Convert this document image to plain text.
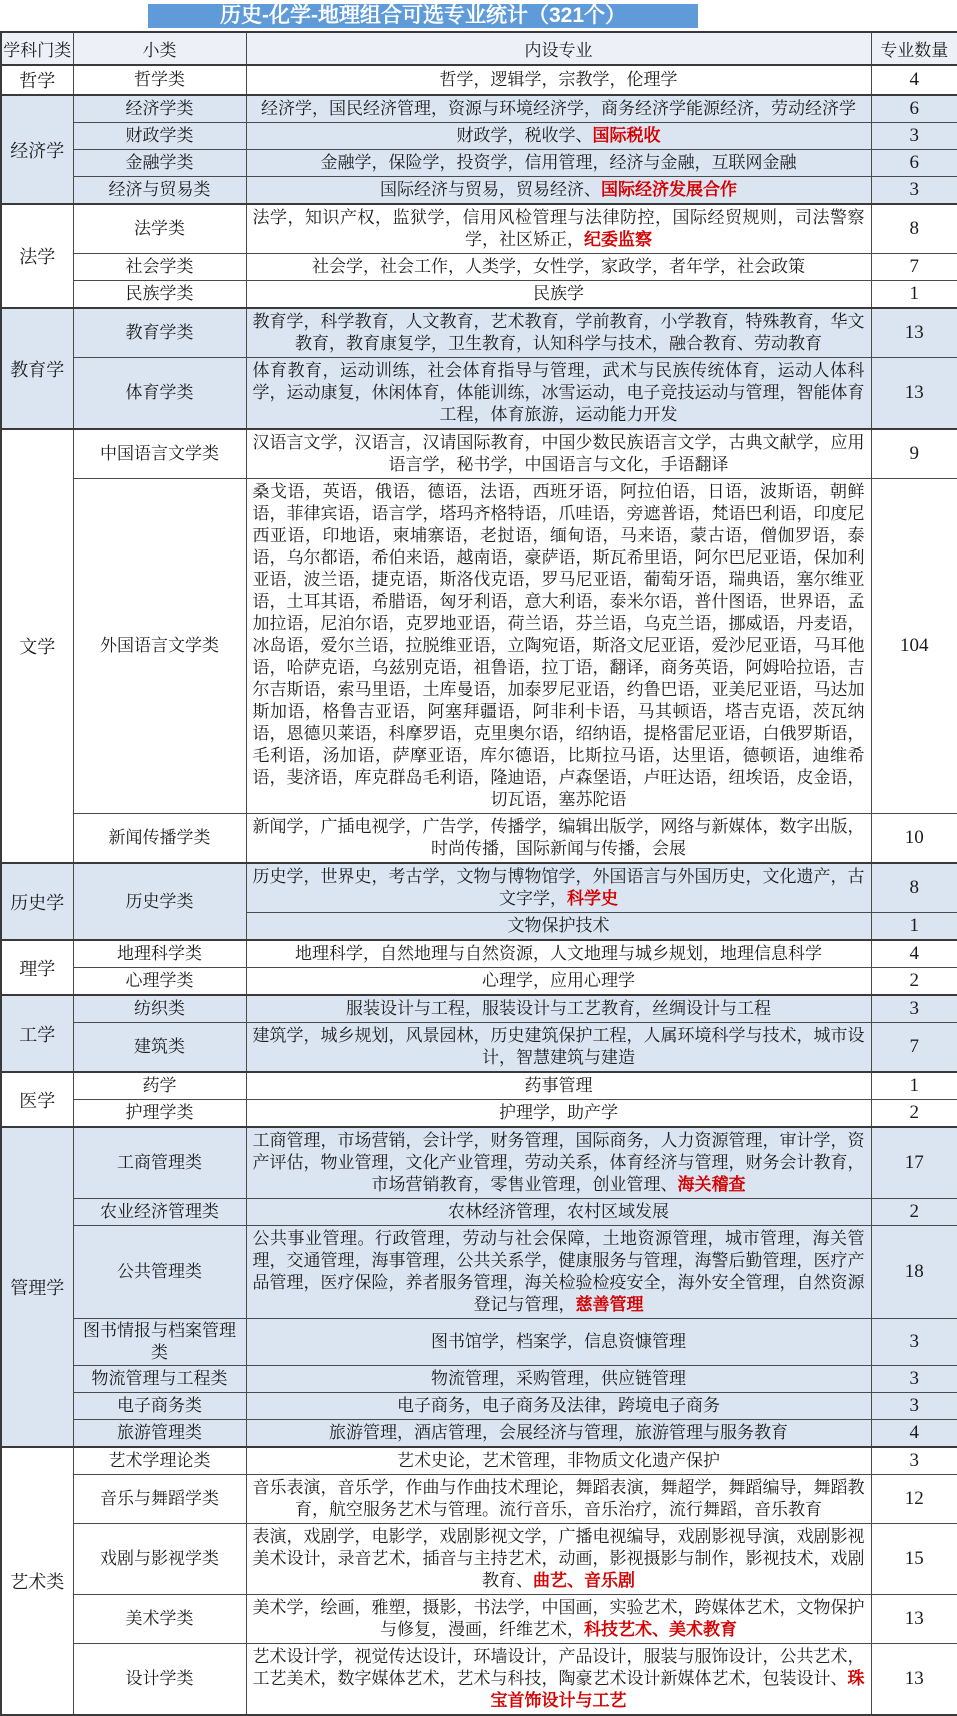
历史-化学-地理组合可选专业统计（321个）
学科门类	小类	内设专业	专业数量
哲学	哲学类	哲学，逻辑学，宗教学，伦理学	4
经济学	经济学类	经济学，国民经济管理，资源与环境经济学，商务经济学能源经济，劳动经济学	6
	财政学类	财政学，税收学、国际税收	3
	金融学类	金融学，保险学，投资学，信用管理，经济与金融，互联网金融	6
	经济与贸易类	国际经济与贸易，贸易经济、国际经济发展合作	3
法学	法学类	法学，知识产权，监狱学，信用风检管理与法律防控，国际经贸规则，司法警察学，社区矫正，纪委监察	8
	社会学类	社会学，社会工作，人类学，女性学，家政学，者年学，社会政策	7
	民族学类	民族学	1
教育学	教育学类	教育学，科学教育，人文教育，艺术教育，学前教育，小学教育，特殊教育，华文教育，教育康复学，卫生教育，认知科学与技术，融合教育、劳动教育	13
	体育学类	体育教育，运动训练，社会体育指导与管理，武术与民族传统体育，运动人体科学，运动康复，休闲体育，体能训练，冰雪运动，电子竞技运动与管理，智能体育工程，体育旅游，运动能力开发	13
文学	中国语言文学类	汉语言文学，汉语言，汉请国际教育，中国少数民族语言文学，古典文献学，应用语言学，秘书学，中国语言与文化，手语翻译	9
	外国语言文学类	桑戈语，英语，俄语，德语，法语，西班牙语，阿拉伯语，日语，波斯语，朝鲜语，菲律宾语，语言学，塔玛齐格特语，爪哇语，旁遮普语，梵语巴利语，印度尼西亚语，印地语，柬埔寨语，老挝语，缅甸语，马来语，蒙古语，僧伽罗语，泰语，乌尔都语，希伯来语，越南语，豪萨语，斯瓦希里语，阿尔巴尼亚语，保加利亚语，波兰语，捷克语，斯洛伐克语，罗马尼亚语，葡萄牙语，瑞典语，塞尔维亚语，土耳其语，希腊语，匈牙利语，意大利语，泰米尔语，普什图语，世界语，孟加拉语，尼泊尔语，克罗地亚语，荷兰语，芬兰语，乌克兰语，挪威语，丹麦语，冰岛语，爱尔兰语，拉脱维亚语，立陶宛语，斯洛文尼亚语，爱沙尼亚语，马耳他语，哈萨克语，乌兹别克语，祖鲁语，拉丁语，翻译，商务英语，阿姆哈拉语，吉尔吉斯语，索马里语，土库曼语，加泰罗尼亚语，约鲁巴语，亚美尼亚语，马达加斯加语，格鲁吉亚语，阿塞拜疆语，阿非利卡语，马其顿语，塔吉克语，茨瓦纳语，恩德贝莱语，科摩罗语，克里奥尔语，绍纳语，提格雷尼亚语，白俄罗斯语，毛利语，汤加语，萨摩亚语，库尔德语，比斯拉马语，达里语，德顿语，迪维希语，斐济语，库克群岛毛利语，隆迪语，卢森堡语，卢旺达语，纽埃语，皮金语，切瓦语，塞苏陀语	104
	新闻传播学类	新闻学，广插电视学，广告学，传播学，编辑出版学，网络与新媒体，数字出版，时尚传播，国际新闻与传播，会展	10
历史学	历史学类	历史学，世界史，考古学，文物与博物馆学，外国语言与外国历史，文化遗产，古文字学，科学史	8
		文物保护技术	1
理学	地理科学类	地理科学，自然地理与自然资源，人文地理与城乡规划，地理信息科学	4
	心理学类	心理学，应用心理学	2
工学	纺织类	服装设计与工程，服装设计与工艺教育，丝绸设计与工程	3
	建筑类	建筑学，城乡规划，风景园林，历史建筑保护工程，人属环境科学与技术，城市设计，智慧建筑与建造	7
医学	药学	药事管理	1
	护理学类	护理学，助产学	2
管理学	工商管理类	工商管理，市场营销，会计学，财务管理，国际商务，人力资源管理，审计学，资产评估，物业管理，文化产业管理，劳动关系，体育经济与管理，财务会计教育，市场营销教育，零售业管理，创业管理、海关稽查	17
	农业经济管理类	农林经济管理，农村区域发展	2
	公共管理类	公共事业管理。行政管理，劳动与社会保障，土地资源管理，城市管理，海关管理，交通管理，海事管理，公共关系学，健康服务与管理，海警后勤管理，医疗产品管理，医疗保险，养者服务管理，海关检验检疫安全，海外安全管理，自然资源登记与管理，慈善管理	18
	图书情报与档案管理类	图书馆学，档案学，信息资慷管理	3
	物流管理与工程类	物流管理，采购管理，供应链管理	3
	电子商务类	电子商务，电子商务及法律，跨境电子商务	3
	旅游管理类	旅游管理，酒店管理，会展经济与管理，旅游管理与服务教育	4
艺术类	艺术学理论类	艺术史论，艺术管理，非物质文化遗产保护	3
	音乐与舞蹈学类	音乐表演，音乐学，作曲与作曲技术理论，舞蹈表演，舞超学，舞蹈编导，舞蹈教育，航空服务艺术与管理。流行音乐，音乐治疗，流行舞蹈，音乐教育	12
	戏剧与影视学类	表演，戏剧学，电影学，戏剧影视文学，广播电视编导，戏剧影视导演，戏剧影视美术设计，录音艺术，插音与主持艺术，动画，影视摄影与制作，影视技术，戏剧教育、曲艺、音乐剧	15
	美术学类	美术学，绘画，雅塑，摄影，书法学，中国画，实验艺术，跨媒体艺术，文物保护与修复，漫画，纤维艺术，科技艺术、美术教育	13
	设计学类	艺术设计学，视觉传达设计，环墙设计，产品设计，服装与服饰设计，公共艺术，工艺美术，数字媒体艺术，艺术与科技，陶豪艺术设计新媒体艺术，包装设计、珠宝首饰设计与工艺	13
